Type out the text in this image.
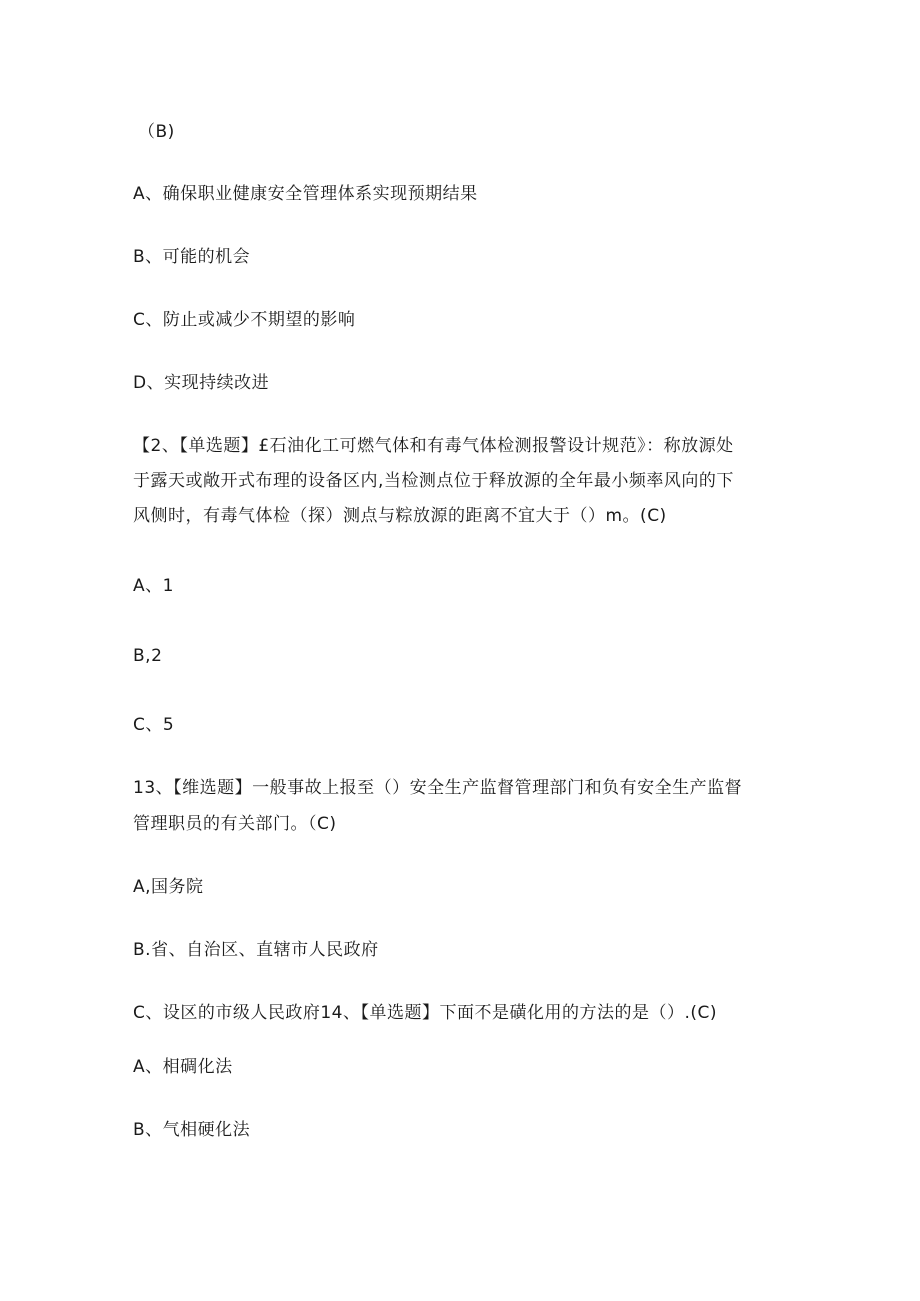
（B)
A、确保职业健康安全管理体系实现预期结果
B、可能的机会
C、防止或减少不期望的影响
D、实现持续改进
【2、【单选题】£石油化工可燃气体和有毒气体检测报警设计规范》：称放源处
于露天或敞开式布理的设备区内,当检测点位于释放源的全年最小频率风向的下
风侧时，有毒气体检（探）测点与粽放源的距离不宜大于（）m。(C)
A、1
B,2
C、5
13、【维选题】一般事故上报至（）安全生产监督管理部门和负有安全生产监督
管理职员的有关部门。（C)
A,国务院
B.省、自治区、直辖市人民政府
C、设区的市级人民政府14、【单选题】下面不是磺化用的方法的是（）.(C)
A、相碉化法
B、气相硬化法
